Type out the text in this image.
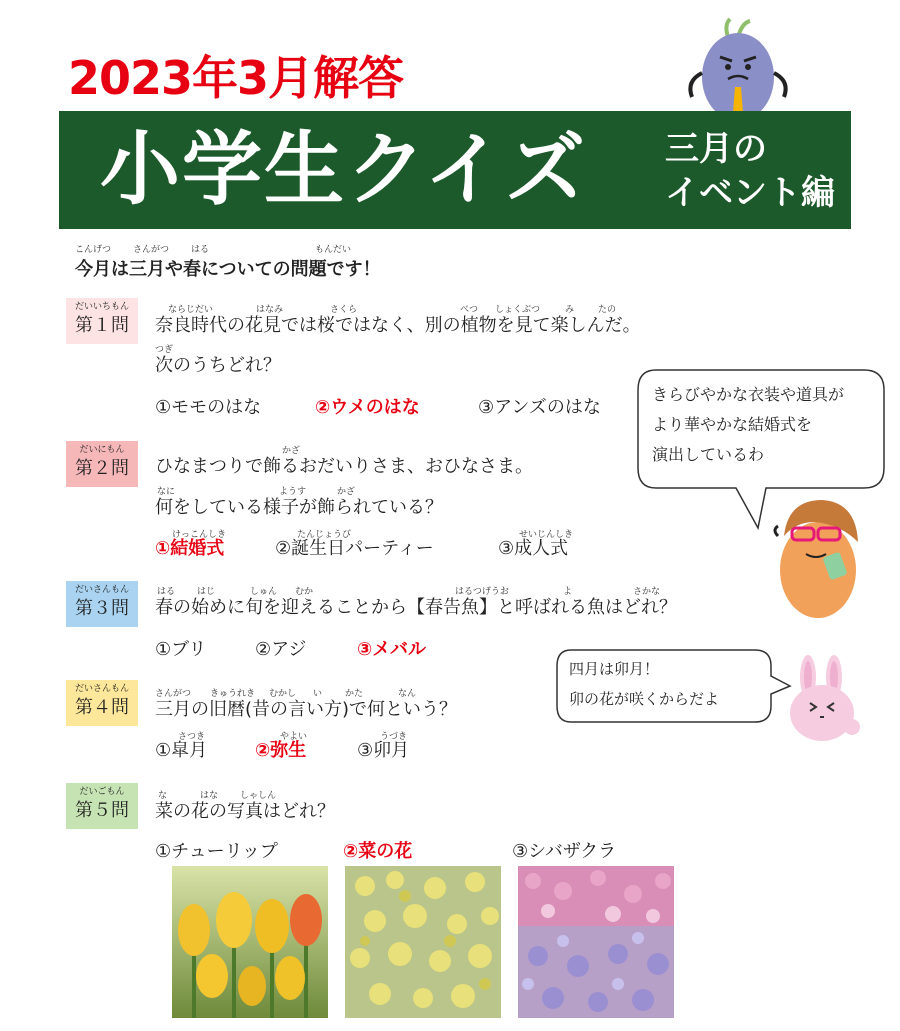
2023年3月解答
小学生クイズ 三月の
イベント編
こんげつ さんがつ はる	もんだい
今月は三月や春についての問題です！
だいいちもん
第１問
ならじだい	はなみ	さくら	べつ しょくぶつ	み	たの
奈良時代の花見では桜ではなく、別の植物を見て楽しんだ。
つぎ
次のうちどれ？
①モモのはな	②ウメのはな	③アンズのはな
だいにもん
第２問
かざ
ひなまつりで飾るおだいりさま、おひなさま。
なに	ようす	かざ
何をしている様子が飾られている？
けっこんしき	たんじょうび	せいじんしき
①結婚式	②誕生日パーティー	③成人式
だいさんもん
第３問
はる はじ	しゅん むか	はるつげうお	よ	さかな
春の始めに旬を迎えることから【春告魚】と呼ばれる魚はどれ？
①ブリ	②アジ	③メバル
だいさんもん
第４問
さんがつ きゅうれき むかし い	かた	なん
三月の旧暦(昔の言い方)で何という？
さつき	やよい	うづき
①皐月	②弥生	③卯月
だいごもん
第５問
な	はな しゃしん
菜の花の写真はどれ？
①チューリップ	②菜の花	③シバザクラ
きらびやかな衣装や道具が
より華やかな結婚式を
演出しているわ
四月は卯月！
卯の花が咲くからだよ
